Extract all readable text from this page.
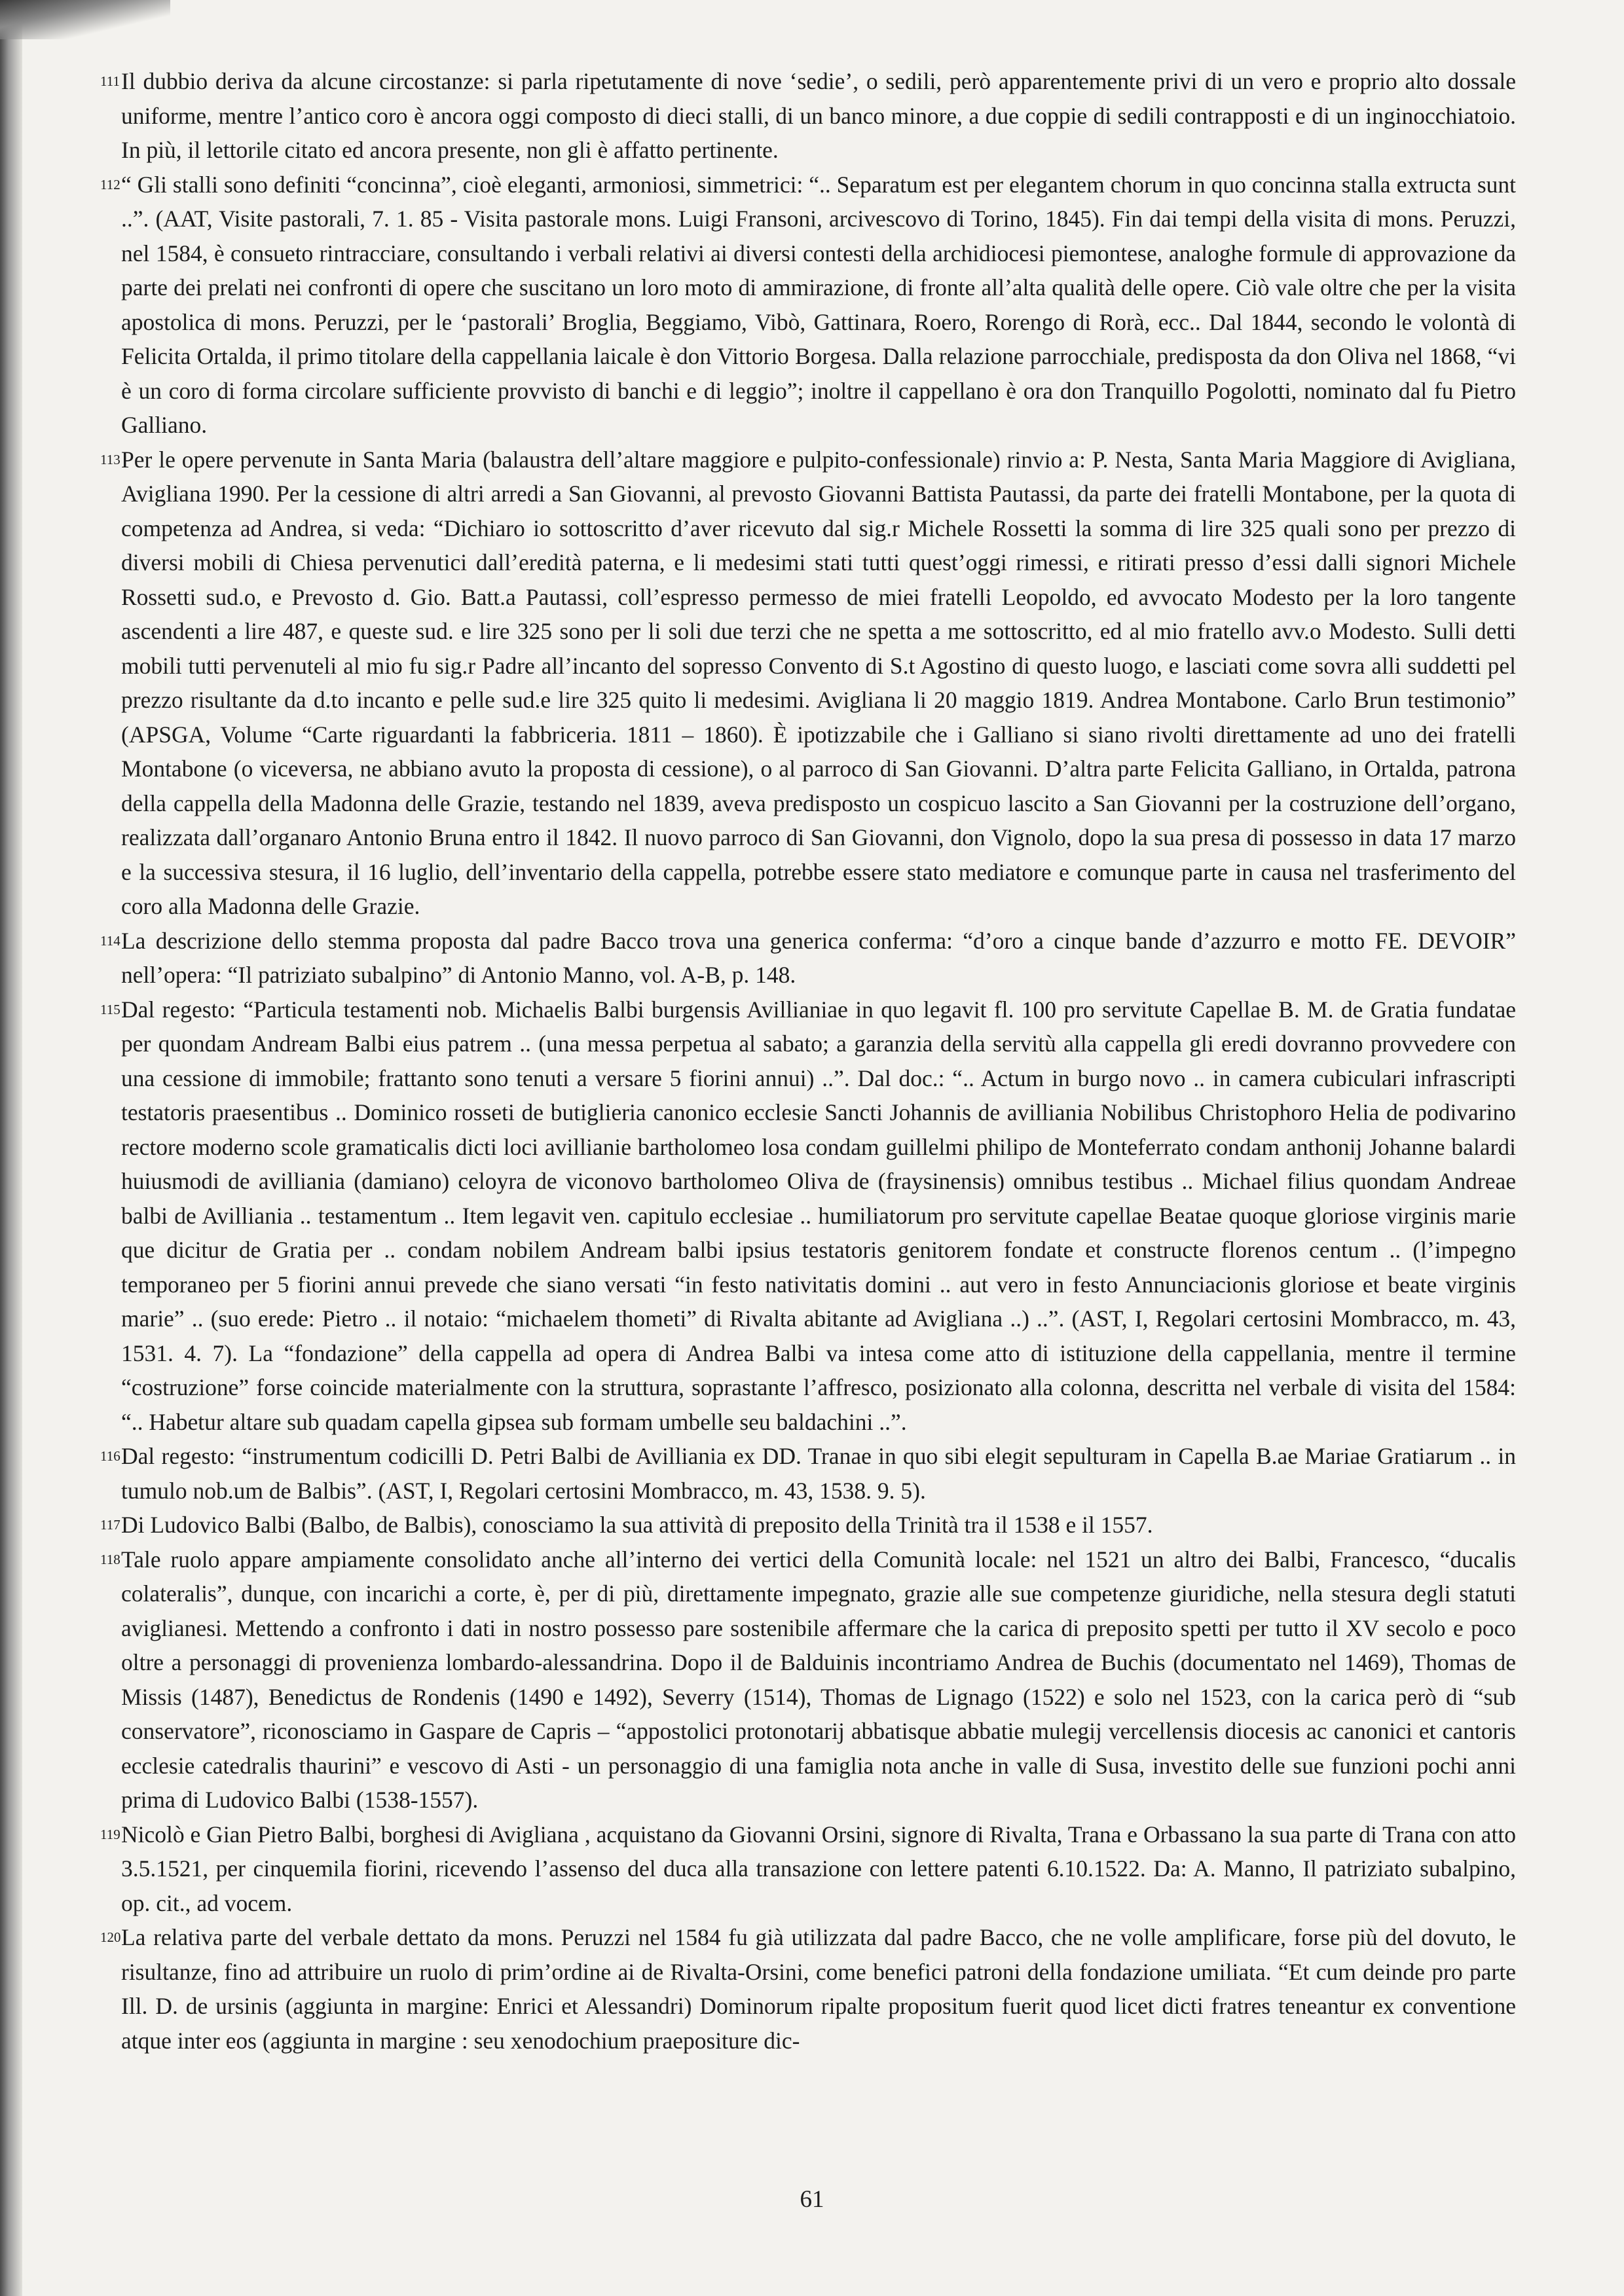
111 Il dubbio deriva da alcune circostanze: si parla ripetutamente di nove ‘sedie’, o sedili, però apparentemente privi di un vero e proprio alto dossale uniforme, mentre l’antico coro è ancora oggi composto di dieci stalli, di un banco minore, a due coppie di sedili contrapposti e di un inginocchiatoio. In più, il lettorile citato ed ancora presente, non gli è affatto pertinente.

112 “ Gli stalli sono definiti “concinna”, cioè eleganti, armoniosi, simmetrici: “.. Separatum est per elegantem chorum in quo concinna stalla extructa sunt ..”. (AAT, Visite pastorali, 7. 1. 85 - Visita pastorale mons. Luigi Fransoni, arcivescovo di Torino, 1845). Fin dai tempi della visita di mons. Peruzzi, nel 1584, è consueto rintracciare, consultando i verbali relativi ai diversi contesti della archidiocesi piemontese, analoghe formule di approvazione da parte dei prelati nei confronti di opere che suscitano un loro moto di ammirazione, di fronte all’alta qualità delle opere. Ciò vale oltre che per la visita apostolica di mons. Peruzzi, per le ‘pastorali’ Broglia, Beggiamo, Vibò, Gattinara, Roero, Rorengo di Rorà, ecc.. Dal 1844, secondo le volontà di Felicita Ortalda, il primo titolare della cappellania laicale è don Vittorio Borgesa. Dalla relazione parrocchiale, predisposta da don Oliva nel 1868, “vi è un coro di forma circolare sufficiente provvisto di banchi e di leggio”; inoltre il cappellano è ora don Tranquillo Pogolotti, nominato dal fu Pietro Galliano.

113 Per le opere pervenute in Santa Maria (balaustra dell’altare maggiore e pulpito-confessionale) rinvio a: P. Nesta, Santa Maria Maggiore di Avigliana, Avigliana 1990. Per la cessione di altri arredi a San Giovanni, al prevosto Giovanni Battista Pautassi, da parte dei fratelli Montabone, per la quota di competenza ad Andrea, si veda: “Dichiaro io sottoscritto d’aver ricevuto dal sig.r Michele Rossetti la somma di lire 325 quali sono per prezzo di diversi mobili di Chiesa pervenutici dall’eredità paterna, e li medesimi stati tutti quest’oggi rimessi, e ritirati presso d’essi dalli signori Michele Rossetti sud.o, e Prevosto d. Gio. Batt.a Pautassi, coll’espresso permesso de miei fratelli Leopoldo, ed avvocato Modesto per la loro tangente ascendenti a lire 487, e queste sud. e lire 325 sono per li soli due terzi che ne spetta a me sottoscritto, ed al mio fratello avv.o Modesto. Sulli detti mobili tutti pervenuteli al mio fu sig.r Padre all’incanto del sopresso Convento di S.t Agostino di questo luogo, e lasciati come sovra alli suddetti pel prezzo risultante da d.to incanto e pelle sud.e lire 325 quito li medesimi. Avigliana li 20 maggio 1819. Andrea Montabone. Carlo Brun testimonio” (APSGA, Volume “Carte riguardanti la fabbriceria. 1811 – 1860). È ipotizzabile che i Galliano si siano rivolti direttamente ad uno dei fratelli Montabone (o viceversa, ne abbiano avuto la proposta di cessione), o al parroco di San Giovanni. D’altra parte Felicita Galliano, in Ortalda, patrona della cappella della Madonna delle Grazie, testando nel 1839, aveva predisposto un cospicuo lascito a San Giovanni per la costruzione dell’organo, realizzata dall’organaro Antonio Bruna entro il 1842. Il nuovo parroco di San Giovanni, don Vignolo, dopo la sua presa di possesso in data 17 marzo e la successiva stesura, il 16 luglio, dell’inventario della cappella, potrebbe essere stato mediatore e comunque parte in causa nel trasferimento del coro alla Madonna delle Grazie.

114 La descrizione dello stemma proposta dal padre Bacco trova una generica conferma: “d’oro a cinque bande d’azzurro e motto FE. DEVOIR” nell’opera: “Il patriziato subalpino” di Antonio Manno, vol. A-B, p. 148.

115 Dal regesto: “Particula testamenti nob. Michaelis Balbi burgensis Avillianiae in quo legavit fl. 100 pro servitute Capellae B. M. de Gratia fundatae per quondam Andream Balbi eius patrem .. (una messa perpetua al sabato; a garanzia della servitù alla cappella gli eredi dovranno provvedere con una cessione di immobile; frattanto sono tenuti a versare 5 fiorini annui) ..”. Dal doc.: “.. Actum in burgo novo .. in camera cubicularі infrascripti testatoris praesentibus .. Dominico rosseti de butiglieria canonico ecclesie Sancti Johannis de avilliania Nobilibus Christophoro Helia de podivarino rectore moderno scole gramaticalis dicti loci avillianie bartholomeo losa condam guillelmi philipo de Monteferrato condam anthonij Johanne balardi huiusmodi de avilliania (damiano) celoyra de viconovo bartholomeo Oliva de (fraysinensis) omnibus testibus .. Michael filius quondam Andreae balbi de Avilliania .. testamentum .. Item legavit ven. capitulo ecclesiae .. humiliatorum pro servitute capellae Beatae quoque gloriose virginis marie que dicitur de Gratia per .. condam nobilem Andream balbi ipsius testatoris genitorem fondate et constructe florenos centum .. (l’impegno temporaneo per 5 fiorini annui prevede che siano versati “in festo nativitatis domini .. aut vero in festo Annunciacionis gloriose et beate virginis marie” .. (suo erede: Pietro .. il notaio: “michaelem thometi” di Rivalta abitante ad Avigliana ..) ..”. (AST, I, Regolari certosini Mombracco, m. 43, 1531. 4. 7). La “fondazione” della cappella ad opera di Andrea Balbi va intesa come atto di istituzione della cappellania, mentre il termine “costruzione” forse coincide materialmente con la struttura, soprastante l’affresco, posizionato alla colonna, descritta nel verbale di visita del 1584: “.. Habetur altare sub quadam capella gipsea sub formam umbelle seu baldachini ..”.

116 Dal regesto: “instrumentum codicilli D. Petri Balbi de Avilliania ex DD. Tranae in quo sibi elegit sepulturam in Capella B.ae Mariae Gratiarum .. in tumulo nob.um de Balbis”. (AST, I, Regolari certosini Mombracco, m. 43, 1538. 9. 5).

117 Di Ludovico Balbi (Balbo, de Balbis), conosciamo la sua attività di preposito della Trinità tra il 1538 e il 1557.

118 Tale ruolo appare ampiamente consolidato anche all’interno dei vertici della Comunità locale: nel 1521 un altro dei Balbi, Francesco, “ducalis colateralis”, dunque, con incarichi a corte, è, per di più, direttamente impegnato, grazie alle sue competenze giuridiche, nella stesura degli statuti aviglianesi. Mettendo a confronto i dati in nostro possesso pare sostenibile affermare che la carica di preposito spetti per tutto il XV secolo e poco oltre a personaggi di provenienza lombardo-alessandrina. Dopo il de Balduinis incontriamo Andrea de Buchis (documentato nel 1469), Thomas de Missis (1487), Benedictus de Rondenis (1490 e 1492), Severry (1514), Thomas de Lignago (1522) e solo nel 1523, con la carica però di “sub conservatore”, riconosciamo in Gaspare de Capris – “appostolici protonotarij abbatisque abbatie mulegij vercellensis diocesis ac canonici et cantoris ecclesie catedralis thaurini” e vescovo di Asti - un personaggio di una famiglia nota anche in valle di Susa, investito delle sue funzioni pochi anni prima di Ludovico Balbi (1538-1557).

119 Nicolò e Gian Pietro Balbi, borghesi di Avigliana , acquistano da Giovanni Orsini, signore di Rivalta, Trana e Orbassano la sua parte di Trana con atto 3.5.1521, per cinquemila fiorini, ricevendo l’assenso del duca alla transazione con lettere patenti 6.10.1522. Da: A. Manno, Il patriziato subalpino, op. cit., ad vocem.

120 La relativa parte del verbale dettato da mons. Peruzzi nel 1584 fu già utilizzata dal padre Bacco, che ne volle amplificare, forse più del dovuto, le risultanze, fino ad attribuire un ruolo di prim’ordine ai de Rivalta-Orsini, come benefici patroni della fondazione umiliata. “Et cum deinde pro parte Ill. D. de ursinis (aggiunta in margine: Enrici et Alessandri) Dominorum ripalte propositum fuerit quod licet dicti fratres teneantur ex conventione atque inter eos (aggiunta in margine : seu xenodochium praepositure dic-

61
